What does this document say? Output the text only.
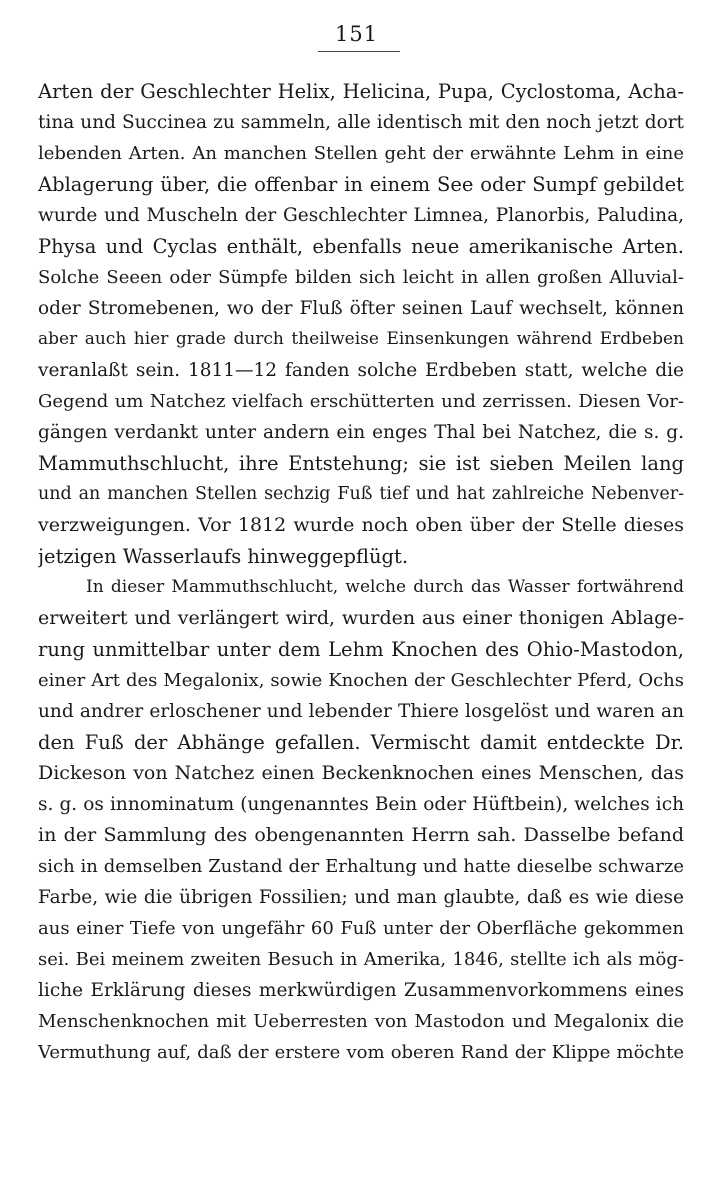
151
Arten der Geschlechter Helix, Helicina, Pupa, Cyclostoma, Acha-
tina und Succinea zu sammeln, alle identisch mit den noch jetzt dort
lebenden Arten. An manchen Stellen geht der erwähnte Lehm in eine
Ablagerung über, die offenbar in einem See oder Sumpf gebildet
wurde und Muscheln der Geschlechter Limnea, Planorbis, Paludina,
Physa und Cyclas enthält, ebenfalls neue amerikanische Arten.
Solche Seeen oder Sümpfe bilden sich leicht in allen großen Alluvial-
oder Stromebenen, wo der Fluß öfter seinen Lauf wechselt, können
aber auch hier grade durch theilweise Einsenkungen während Erdbeben
veranlaßt sein. 1811—12 fanden solche Erdbeben statt, welche die
Gegend um Natchez vielfach erschütterten und zerrissen. Diesen Vor-
gängen verdankt unter andern ein enges Thal bei Natchez, die s. g.
Mammuthschlucht, ihre Entstehung; sie ist sieben Meilen lang
und an manchen Stellen sechzig Fuß tief und hat zahlreiche Nebenver-
verzweigungen. Vor 1812 wurde noch oben über der Stelle dieses
jetzigen Wasserlaufs hinweggepflügt.
In dieser Mammuthschlucht, welche durch das Wasser fortwährend
erweitert und verlängert wird, wurden aus einer thonigen Ablage-
rung unmittelbar unter dem Lehm Knochen des Ohio-Mastodon,
einer Art des Megalonix, sowie Knochen der Geschlechter Pferd, Ochs
und andrer erloschener und lebender Thiere losgelöst und waren an
den Fuß der Abhänge gefallen. Vermischt damit entdeckte Dr.
Dickeson von Natchez einen Beckenknochen eines Menschen, das
s. g. os innominatum (ungenanntes Bein oder Hüftbein), welches ich
in der Sammlung des obengenannten Herrn sah. Dasselbe befand
sich in demselben Zustand der Erhaltung und hatte dieselbe schwarze
Farbe, wie die übrigen Fossilien; und man glaubte, daß es wie diese
aus einer Tiefe von ungefähr 60 Fuß unter der Oberfläche gekommen
sei. Bei meinem zweiten Besuch in Amerika, 1846, stellte ich als mög-
liche Erklärung dieses merkwürdigen Zusammenvorkommens eines
Menschenknochen mit Ueberresten von Mastodon und Megalonix die
Vermuthung auf, daß der erstere vom oberen Rand der Klippe möchte
